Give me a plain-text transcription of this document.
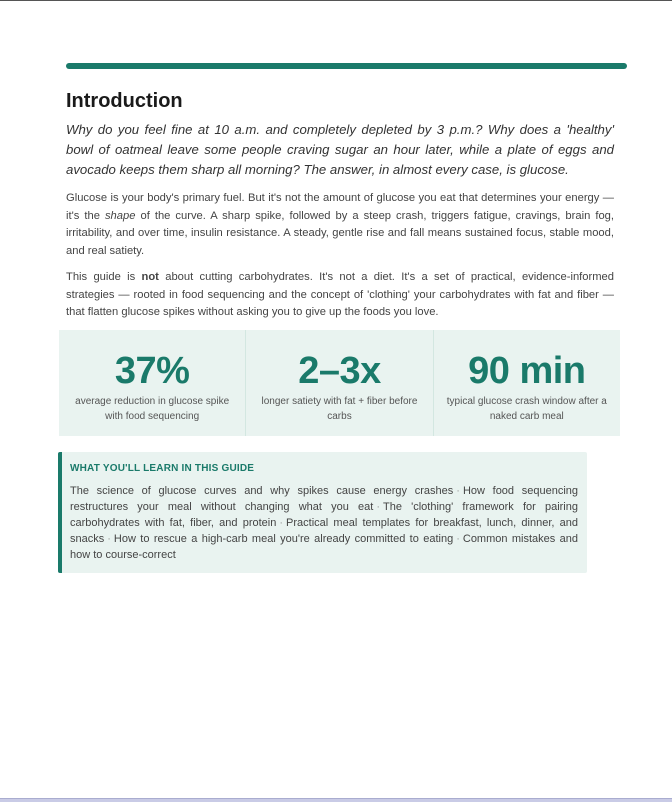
Introduction

Why do you feel fine at 10 a.m. and completely depleted by 3 p.m.? Why does a 'healthy' bowl of oatmeal leave some people craving sugar an hour later, while a plate of eggs and avocado keeps them sharp all morning? The answer, in almost every case, is glucose.

Glucose is your body's primary fuel. But it's not the amount of glucose you eat that determines your energy — it's the shape of the curve. A sharp spike, followed by a steep crash, triggers fatigue, cravings, brain fog, irritability, and over time, insulin resistance. A steady, gentle rise and fall means sustained focus, stable mood, and real satiety.

This guide is not about cutting carbohydrates. It's not a diet. It's a set of practical, evidence-informed strategies — rooted in food sequencing and the concept of 'clothing' your carbohydrates with fat and fiber — that flatten glucose spikes without asking you to give up the foods you love.

37%
average reduction in glucose spike with food sequencing
2–3x
longer satiety with fat + fiber before carbs
90 min
typical glucose crash window after a naked carb meal
WHAT YOU'LL LEARN IN THIS GUIDE
The science of glucose curves and why spikes cause energy crashes · How food sequencing restructures your meal without changing what you eat · The 'clothing' framework for pairing carbohydrates with fat, fiber, and protein · Practical meal templates for breakfast, lunch, dinner, and snacks · How to rescue a high-carb meal you're already committed to eating · Common mistakes and how to course-correct
